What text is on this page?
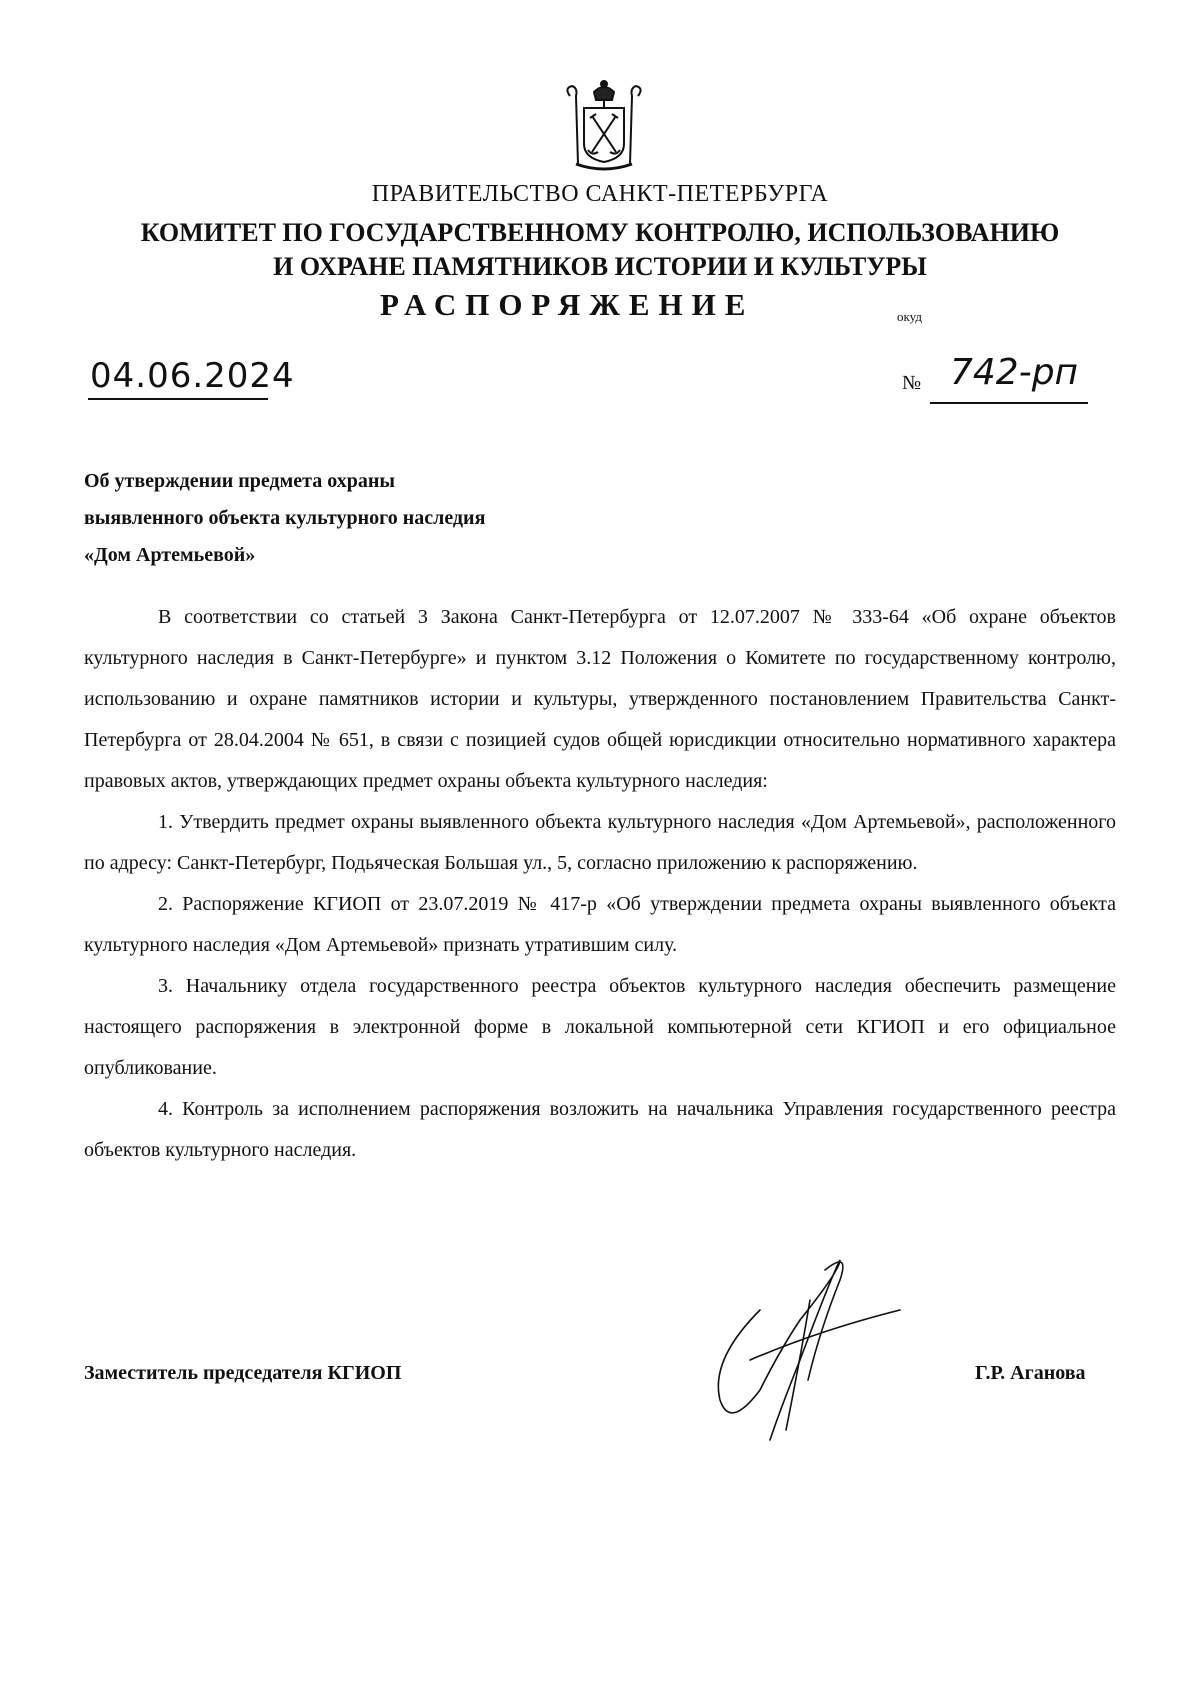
ПРАВИТЕЛЬСТВО САНКТ-ПЕТЕРБУРГА
КОМИТЕТ ПО ГОСУДАРСТВЕННОМУ КОНТРОЛЮ, ИСПОЛЬЗОВАНИЮ
И ОХРАНЕ ПАМЯТНИКОВ ИСТОРИИ И КУЛЬТУРЫ
РАСПОРЯЖЕНИЕ	окуд
04.06.2024	№ 742-рп
Об утверждении предмета охраны
выявленного объекта культурного наследия
«Дом Артемьевой»

В соответствии со статьей 3 Закона Санкт-Петербурга от 12.07.2007 № 333-64 «Об охране объектов культурного наследия в Санкт-Петербурге» и пунктом 3.12 Положения о Комитете по государственному контролю, использованию и охране памятников истории и культуры, утвержденного постановлением Правительства Санкт-Петербурга от 28.04.2004 № 651, в связи с позицией судов общей юрисдикции относительно нормативного характера правовых актов, утверждающих предмет охраны объекта культурного наследия:

1. Утвердить предмет охраны выявленного объекта культурного наследия «Дом Артемьевой», расположенного по адресу: Санкт-Петербург, Подьяческая Большая ул., 5, согласно приложению к распоряжению.

2. Распоряжение КГИОП от 23.07.2019 № 417-р «Об утверждении предмета охраны выявленного объекта культурного наследия «Дом Артемьевой» признать утратившим силу.

3. Начальнику отдела государственного реестра объектов культурного наследия обеспечить размещение настоящего распоряжения в электронной форме в локальной компьютерной сети КГИОП и его официальное опубликование.

4. Контроль за исполнением распоряжения возложить на начальника Управления государственного реестра объектов культурного наследия.

Заместитель председателя КГИОП	Г.Р. Аганова
